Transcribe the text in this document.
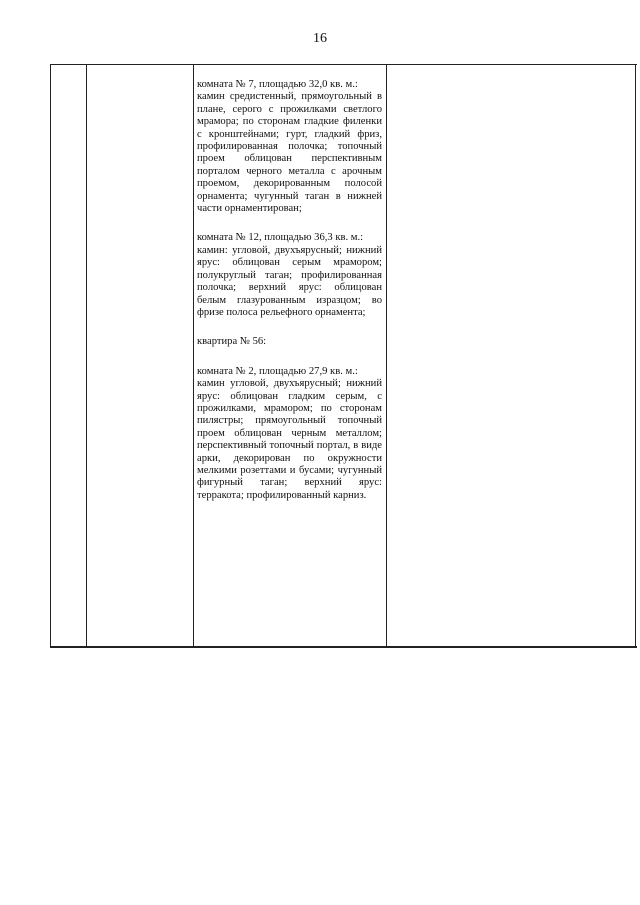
16

комната № 7, площадью 32,0 кв. м.:

камин средистенный, прямоугольный в плане, серого с прожилками светлого мрамора; по сторонам гладкие филенки с кронштейнами; гурт, гладкий фриз, профилированная полочка; топочный проем облицован перспективным порталом черного металла с арочным проемом, декорированным полосой орнамента; чугунный таган в нижней части орнаментирован;

комната № 12, площадью 36,3 кв. м.:

камин: угловой, двухъярусный; нижний ярус: облицован серым мрамором; полукруглый таган; профилированная полочка; верхний ярус: облицован белым глазурованным изразцом; во фризе полоса рельефного орнамента;

квартира № 56:

комната № 2, площадью 27,9 кв. м.:

камин угловой, двухъярусный; нижний ярус: облицован гладким серым, с прожилками, мрамором; по сторонам пилястры; прямоугольный топочный проем облицован черным металлом; перспективный топочный портал, в виде арки, декорирован по окружности мелкими розеттами и бусами; чугунный фигурный таган; верхний ярус: терракота; профилированный карниз.
